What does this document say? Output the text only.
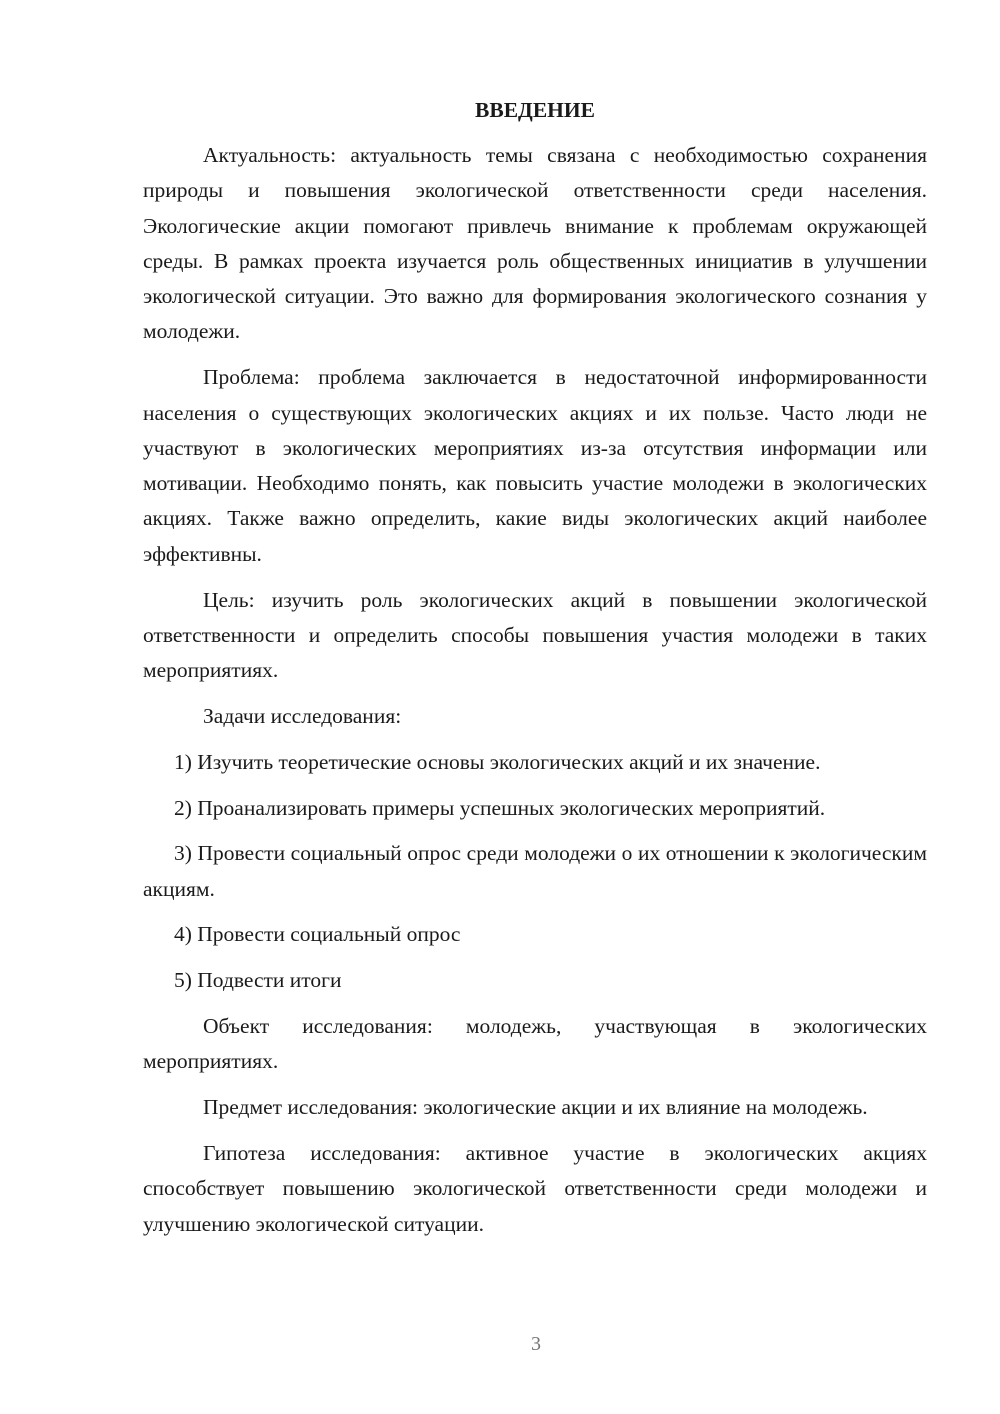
ВВЕДЕНИЕ
Актуальность: актуальность темы связана с необходимостью сохранения природы и повышения экологической ответственности среди населения. Экологические акции помогают привлечь внимание к проблемам окружающей среды. В рамках проекта изучается роль общественных инициатив в улучшении экологической ситуации. Это важно для формирования экологического сознания у молодежи.
Проблема: проблема заключается в недостаточной информированности населения о существующих экологических акциях и их пользе. Часто люди не участвуют в экологических мероприятиях из-за отсутствия информации или мотивации. Необходимо понять, как повысить участие молодежи в экологических акциях. Также важно определить, какие виды экологических акций наиболее эффективны.
Цель: изучить роль экологических акций в повышении экологической ответственности и определить способы повышения участия молодежи в таких мероприятиях.
Задачи исследования:
1) Изучить теоретические основы экологических акций и их значение.
2) Проанализировать примеры успешных экологических мероприятий.
3) Провести социальный опрос среди молодежи о их отношении к экологическим акциям.
4) Провести социальный опрос
5) Подвести итоги
Объект исследования: молодежь, участвующая в экологических мероприятиях.
Предмет исследования: экологические акции и их влияние на молодежь.
Гипотеза исследования: активное участие в экологических акциях способствует повышению экологической ответственности среди молодежи и улучшению экологической ситуации.
3
